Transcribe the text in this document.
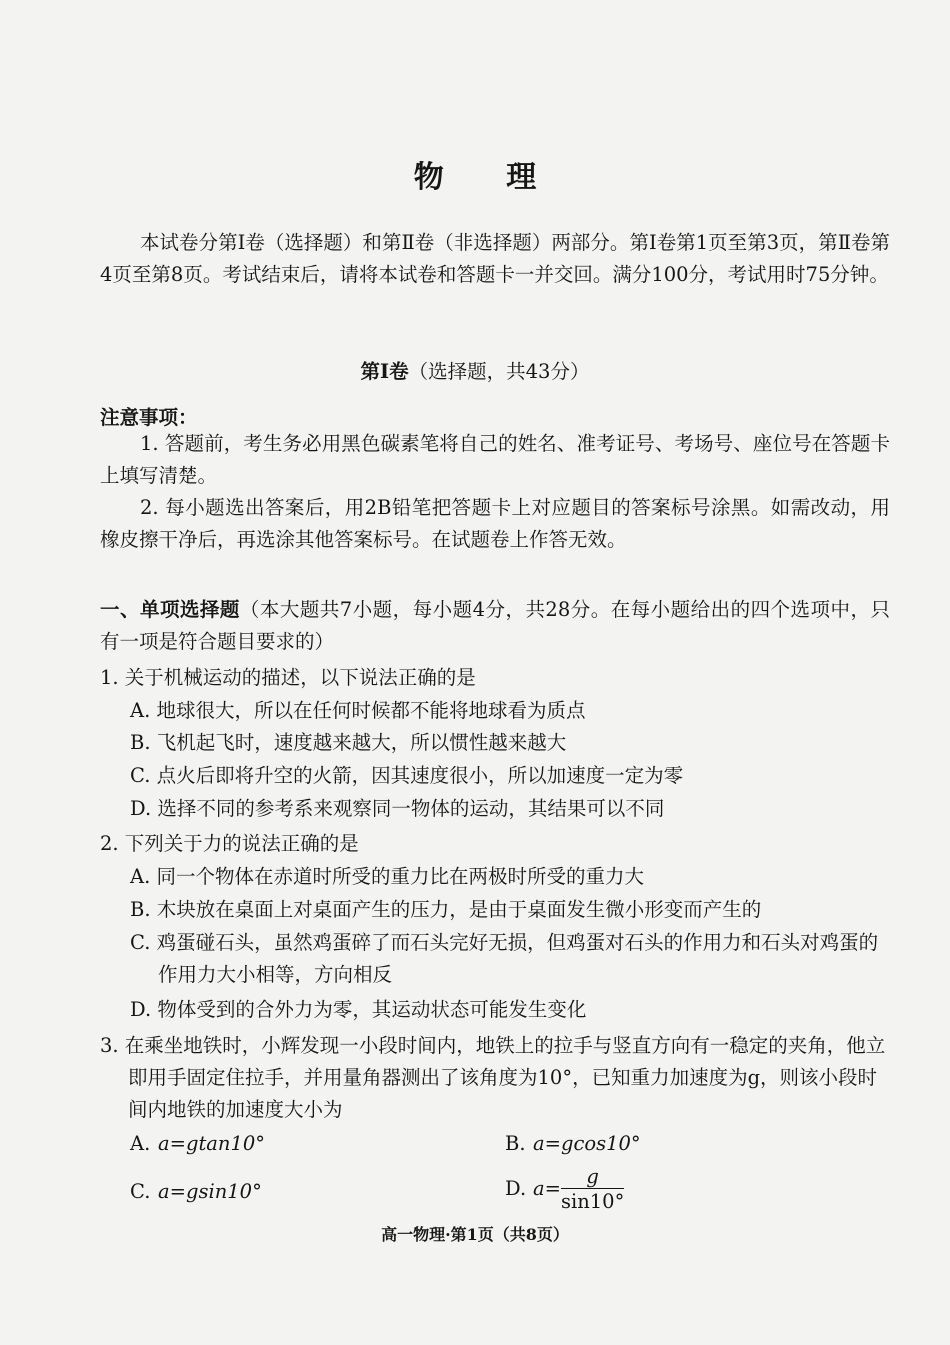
物 理
本试卷分第Ⅰ卷（选择题）和第Ⅱ卷（非选择题）两部分。第Ⅰ卷第1页至第3页，第Ⅱ卷第4页至第8页。考试结束后，请将本试卷和答题卡一并交回。满分100分，考试用时75分钟。
第Ⅰ卷（选择题，共43分）
注意事项：
1. 答题前，考生务必用黑色碳素笔将自己的姓名、准考证号、考场号、座位号在答题卡上填写清楚。
2. 每小题选出答案后，用2B铅笔把答题卡上对应题目的答案标号涂黑。如需改动，用橡皮擦干净后，再选涂其他答案标号。在试题卷上作答无效。
一、单项选择题（本大题共7小题，每小题4分，共28分。在每小题给出的四个选项中，只有一项是符合题目要求的）
1. 关于机械运动的描述，以下说法正确的是
A. 地球很大，所以在任何时候都不能将地球看为质点
B. 飞机起飞时，速度越来越大，所以惯性越来越大
C. 点火后即将升空的火箭，因其速度很小，所以加速度一定为零
D. 选择不同的参考系来观察同一物体的运动，其结果可以不同
2. 下列关于力的说法正确的是
A. 同一个物体在赤道时所受的重力比在两极时所受的重力大
B. 木块放在桌面上对桌面产生的压力，是由于桌面发生微小形变而产生的
C. 鸡蛋碰石头，虽然鸡蛋碎了而石头完好无损，但鸡蛋对石头的作用力和石头对鸡蛋的作用力大小相等，方向相反
D. 物体受到的合外力为零，其运动状态可能发生变化
3. 在乘坐地铁时，小辉发现一小段时间内，地铁上的拉手与竖直方向有一稳定的夹角，他立即用手固定住拉手，并用量角器测出了该角度为10°，已知重力加速度为g，则该小段时间内地铁的加速度大小为
A. a=gtan10°	B. a=gcos10°
C. a=gsin10°	D. $a= \frac{g}{\sin 10^\circ}$
高一物理·第1页（共8页）
